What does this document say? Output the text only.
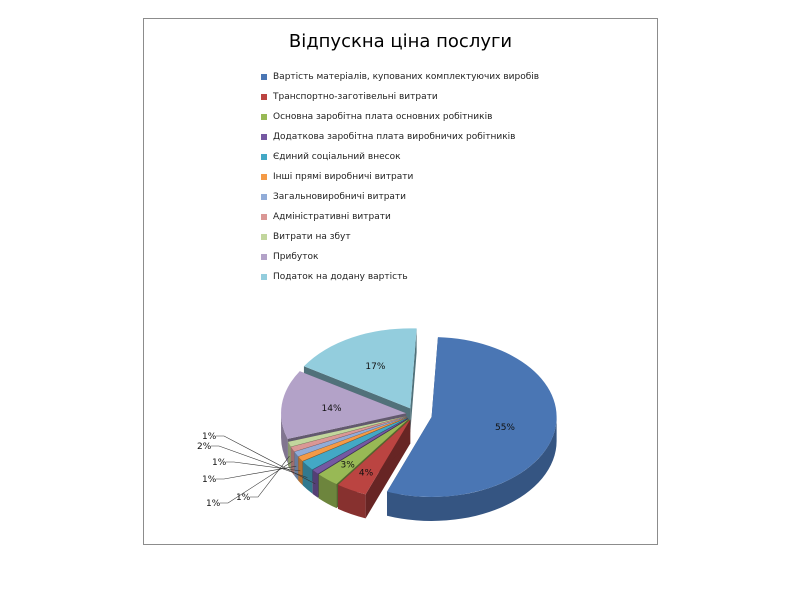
Відпускна ціна послуги
Вартість матеріалів, купованих комплектуючих виробів
Транспортно-заготівельні витрати
Основна заробітна плата основних робітників
Додаткова заробітна плата виробничих робітників
Єдиний соціальний внесок
Інші прямі виробничі витрати
Загальновиробничі витрати
Адміністративні витрати
Витрати на збут
Прибуток
Податок на додану вартість
55%
4%
3%
1%
2%
1%
1%
1%
1%
14%
17%
